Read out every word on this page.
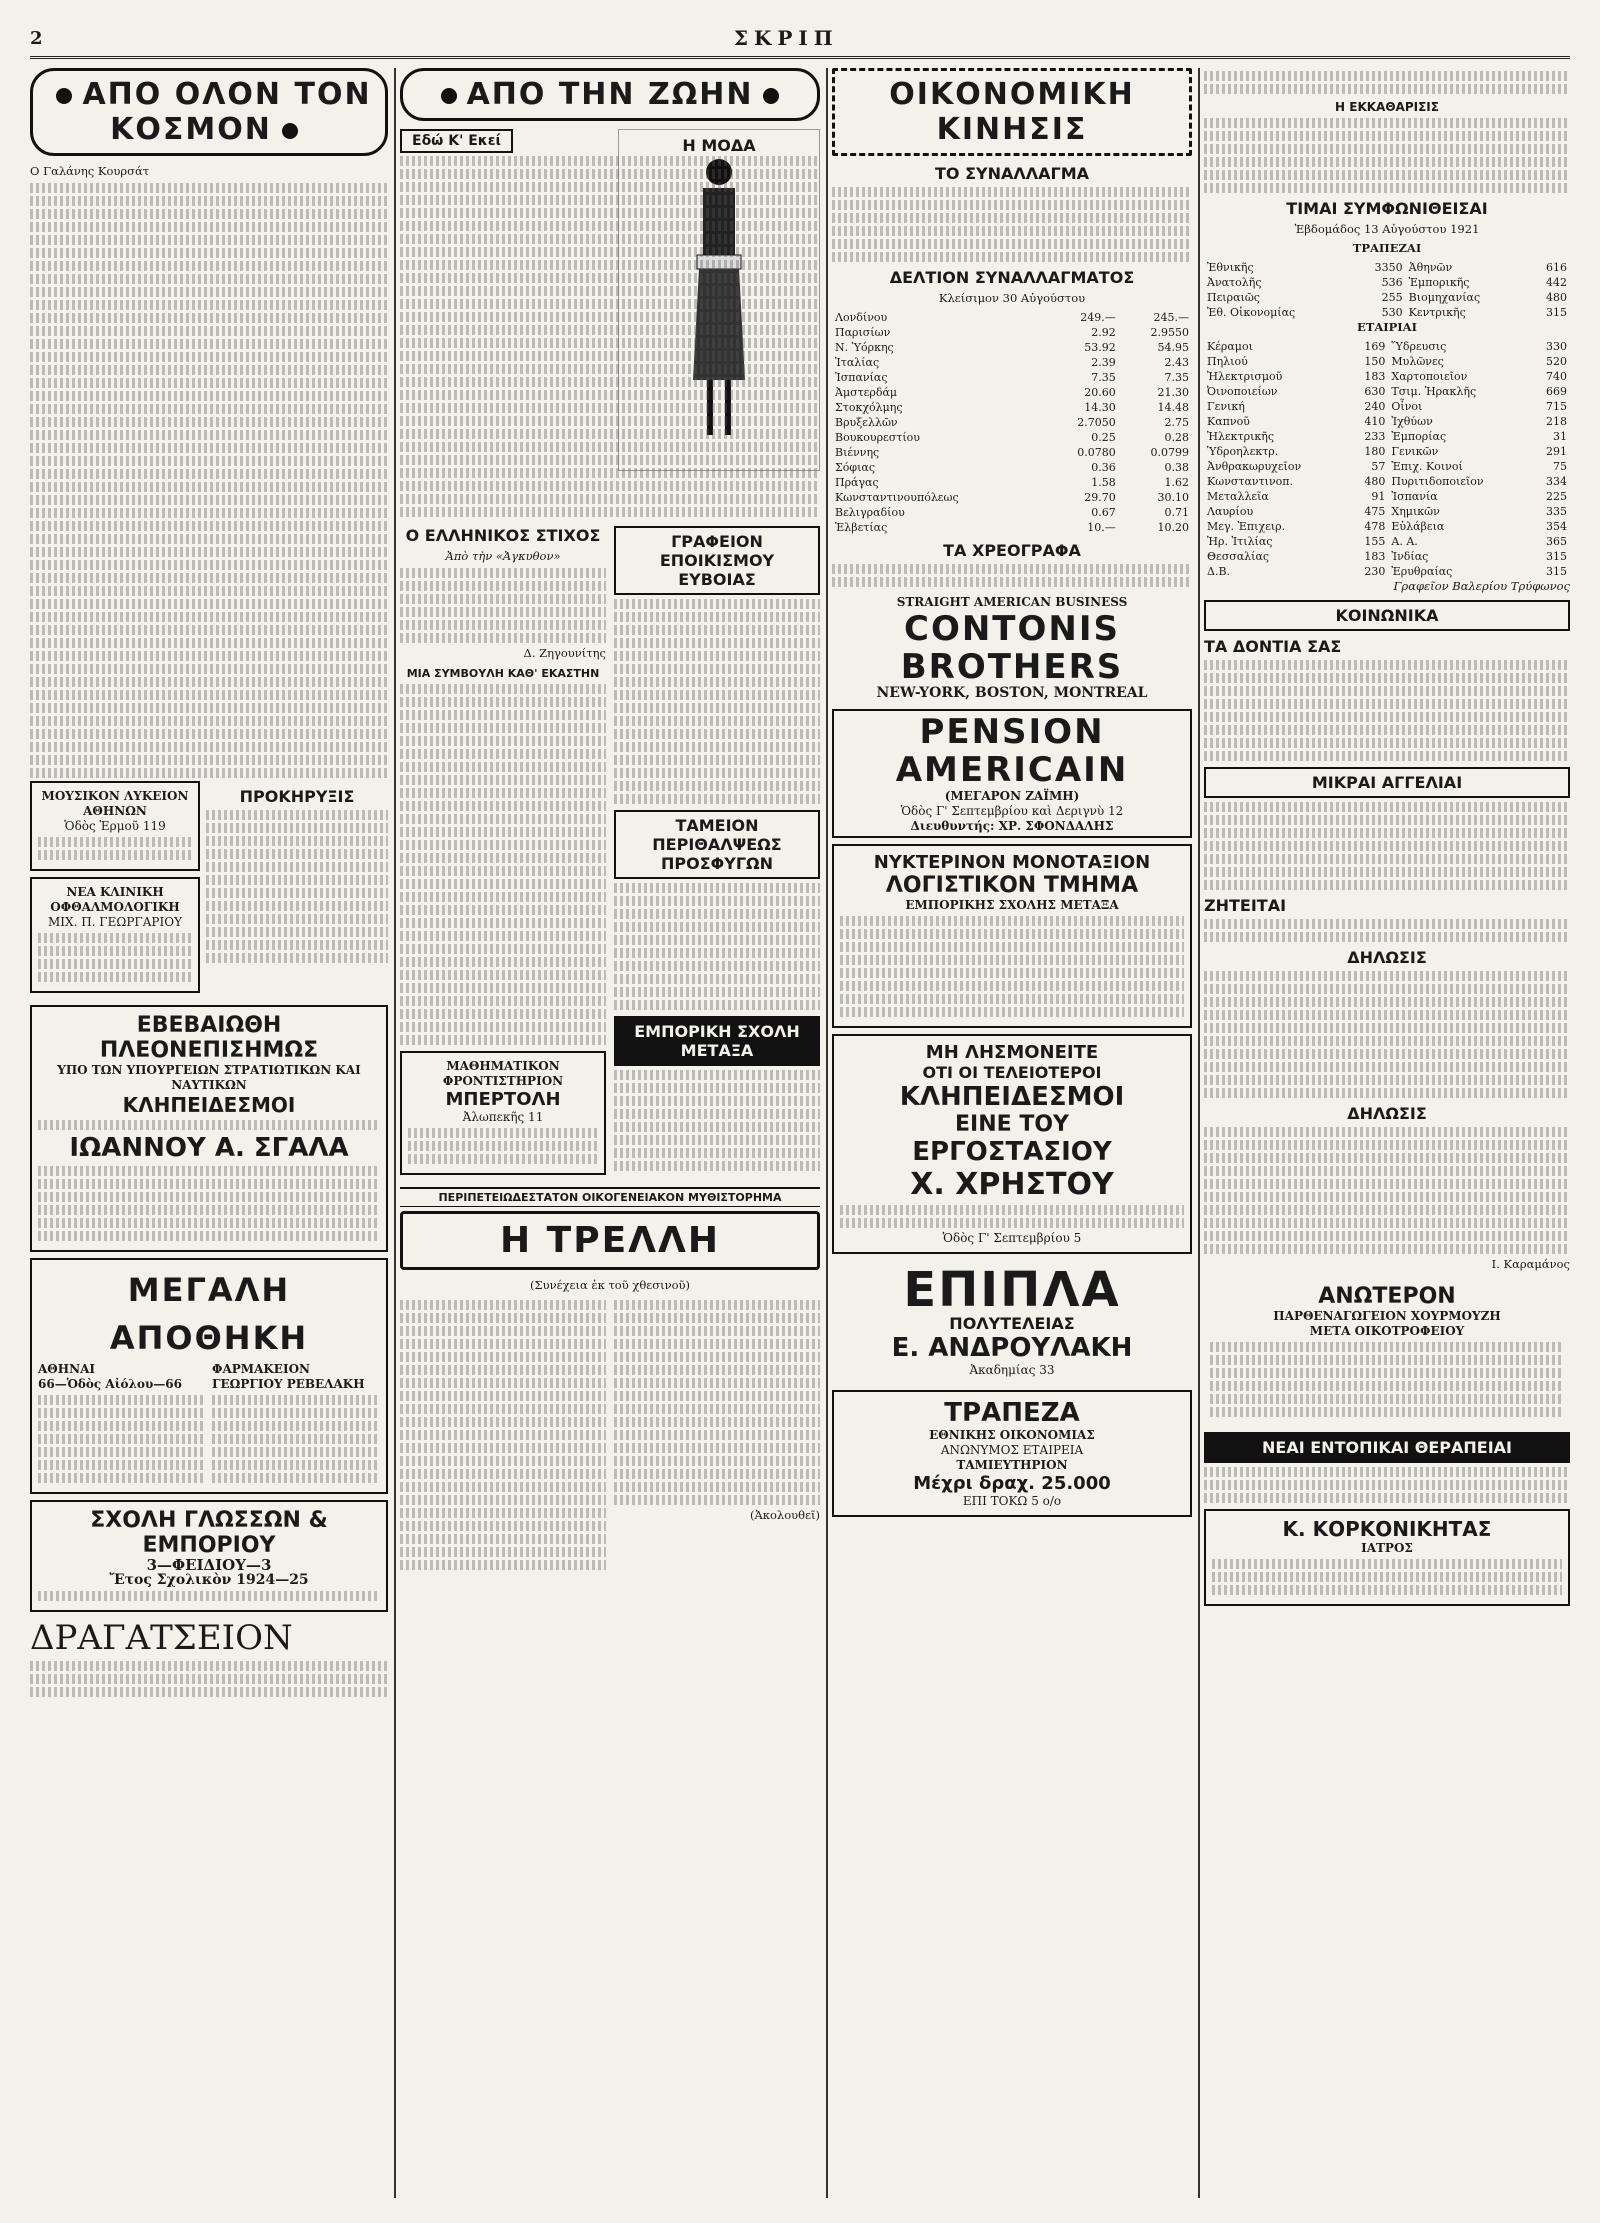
2	ΣΚΡΙΠ
ΑΠΟ ΟΛΟΝ ΤΟΝ ΚΟΣΜΟΝ
Ο Γαλάνης Κουρσάτ
ΜΟΥΣΙΚΟΝ ΛΥΚΕΙΟΝ ΑΘΗΝΩΝ
Ὁδὸς Ἑρμοῦ 119
ΝΕΑ ΚΛΙΝΙΚΗ ΟΦΘΑΛΜΟΛΟΓΙΚΗ
ΜΙΧ. Π. ΓΕΩΡΓΑΡΙΟΥ
ΠΡΟΚΗΡΥΞΙΣ
ΕΒΕΒΑΙΩΘΗ ΠΛΕΟΝΕΠΙΣΗΜΩΣ
ΥΠΟ ΤΩΝ ΥΠΟΥΡΓΕΙΩΝ ΣΤΡΑΤΙΩΤΙΚΩΝ ΚΑΙ ΝΑΥΤΙΚΩΝ
ΚΛΗΠΕΙΔΕΣΜΟΙ
ΙΩΑΝΝΟΥ Α. ΣΓΑΛΑ
ΜΕΓΑΛΗ ΑΠΟΘΗΚΗ
ΑΘΗΝΑΙ
66—Ὁδὸς Αἰόλου—66
ΦΑΡΜΑΚΕΙΟΝ
ΓΕΩΡΓΙΟΥ ΡΕΒΕΛΑΚΗ
ΣΧΟΛΗ ΓΛΩΣΣΩΝ & ΕΜΠΟΡΙΟΥ
3—ΦΕΙΔΙΟΥ—3
Ἔτος Σχολικὸν 1924—25
ΔΡΑΓΑΤΣΕΙΟΝ
ΑΠΟ ΤΗΝ ΖΩΗΝ
Η ΜΟΔΑ
Εδώ Κ' Εκεί
Ο ΕΛΛΗΝΙΚΟΣ ΣΤΙΧΟΣ
Ἀπὸ τὴν «Ἀγκυθον»
Δ. Ζηγουνίτης
ΜΙΑ ΣΥΜΒΟΥΛΗ ΚΑΘ' ΕΚΑΣΤΗΝ
ΜΑΘΗΜΑΤΙΚΟΝ ΦΡΟΝΤΙΣΤΗΡΙΟΝ
ΜΠΕΡΤΟΛΗ
Ἀλωπεκῆς 11
ΓΡΑΦΕΙΟΝ ΕΠΟΙΚΙΣΜΟΥ ΕΥΒΟΙΑΣ
ΤΑΜΕΙΟΝ ΠΕΡΙΘΑΛΨΕΩΣ ΠΡΟΣΦΥΓΩΝ
ΕΜΠΟΡΙΚΗ ΣΧΟΛΗ ΜΕΤΑΞΑ
ΠΕΡΙΠΕΤΕΙΩΔΕΣΤΑΤΟΝ ΟΙΚΟΓΕΝΕΙΑΚΟΝ ΜΥΘΙΣΤΟΡΗΜΑ
Η ΤΡΕΛΛΗ
(Συνέχεια ἐκ τοῦ χθεσινοῦ)
(Ἀκολουθεῖ)
ΟΙΚΟΝΟΜΙΚΗ ΚΙΝΗΣΙΣ
ΤΟ ΣΥΝΑΛΛΑΓΜΑ
ΔΕΛΤΙΟΝ ΣΥΝΑΛΛΑΓΜΑΤΟΣ
Κλείσιμον 30 Αὐγούστου
Λονδίνου	249.—	245.—
Παρισίων	2.92	2.9550
Ν. Ὑόρκης	53.92	54.95
Ἰταλίας	2.39	2.43
Ἰσπανίας	7.35	7.35
Ἀμστερδάμ	20.60	21.30
Στοκχόλμης	14.30	14.48
Βρυξελλῶν	2.7050	2.75
Βουκουρεστίου	0.25	0.28
Βιέννης	0.0780	0.0799
Σόφιας	0.36	0.38
Πράγας	1.58	1.62
Κωνσταντινουπόλεως	29.70	30.10
Βελιγραδίου	0.67	0.71
Ἑλβετίας	10.—	10.20
ΤΑ ΧΡΕΟΓΡΑΦΑ
STRAIGHT AMERICAN BUSINESS
CONTONIS BROTHERS
NEW-YORK, BOSTON, MONTREAL
PENSION AMERICAIN
(ΜΕΓΑΡΟΝ ΖΑΪΜΗ)
Ὁδὸς Γ' Σεπτεμβρίου καὶ Δεριγνὺ 12
Διευθυντής: ΧΡ. ΣΦΟΝΔΑΛΗΣ
ΝΥΚΤΕΡΙΝΟΝ ΜΟΝΟΤΑΞΙΟΝ
ΛΟΓΙΣΤΙΚΟΝ ΤΜΗΜΑ
ΕΜΠΟΡΙΚΗΣ ΣΧΟΛΗΣ ΜΕΤΑΞΑ
ΜΗ ΛΗΣΜΟΝΕΙΤΕ
ΟΤΙ ΟΙ ΤΕΛΕΙΟΤΕΡΟΙ
ΚΛΗΠΕΙΔΕΣΜΟΙ
ΕΙΝΕ ΤΟΥ
ΕΡΓΟΣΤΑΣΙΟΥ
Χ. ΧΡΗΣΤΟΥ
Ὁδὸς Γ' Σεπτεμβρίου 5
ΕΠΙΠΛΑ
ΠΟΛΥΤΕΛΕΙΑΣ
Ε. ΑΝΔΡΟΥΛΑΚΗ
Ἀκαδημίας 33
ΤΡΑΠΕΖΑ
ΕΘΝΙΚΗΣ ΟΙΚΟΝΟΜΙΑΣ
ΑΝΩΝΥΜΟΣ ΕΤΑΙΡΕΙΑ
ΤΑΜΙΕΥΤΗΡΙΟΝ
Μέχρι δραχ. 25.000
ΕΠΙ ΤΟΚΩ 5 ο/ο
Η ΕΚΚΑΘΑΡΙΣΙΣ
ΤΙΜΑΙ ΣΥΜΦΩΝΙΘΕΙΣΑΙ
Ἑβδομάδος 13 Αὐγούστου 1921
ΤΡΑΠΕΖΑΙ
Ἐθνικῆς	3350	Ἀθηνῶν	616
Ἀνατολῆς	536	Ἐμπορικῆς	442
Πειραιῶς	255	Βιομηχανίας	480
Ἐθ. Οἰκονομίας	530	Κεντρικῆς	315
ΕΤΑΙΡΙΑΙ
Κέραμοι	169	Ὕδρευσις	330
Πηλιού	150	Μυλῶνες	520
Ἠλεκτρισμοῦ	183	Χαρτοποιεῖον	740
Ὀινοποιείων	630	Τσιμ. Ἡρακλῆς	669
Γενική	240	Οἶνοι	715
Καπνοῦ	410	Ἰχθύων	218
Ἠλεκτρικῆς	233	Ἐμπορίας	31
Ὑδροηλεκτρ.	180	Γενικῶν	291
Ἀνθρακωρυχεῖον	57	Ἐπιχ. Κοινοί	75
Κωνσταντινοπ.	480	Πυριτιδοποιεῖον	334
Μεταλλεῖα	91	Ἰσπανία	225
Λαυρίου	475	Χημικῶν	335
Μεγ. Ἐπιχειρ.	478	Εὐλάβεια	354
Ἠρ. Ἰτιλίας	155	Α. Α.	365
Θεσσαλίας	183	Ἰνδίας	315
Δ.Β.	230	Ἐρυθραίας	315
Γραφεῖον Βαλερίου Τρύφωνος
ΚΟΙΝΩΝΙΚΑ
ΤΑ ΔΟΝΤΙΑ ΣΑΣ
ΜΙΚΡΑΙ ΑΓΓΕΛΙΑΙ
ΖΗΤΕΙΤΑΙ
ΔΗΛΩΣΙΣ
ΔΗΛΩΣΙΣ
Ι. Καραμάνος
ΑΝΩΤΕΡΟΝ
ΠΑΡΘΕΝΑΓΩΓΕΙΟΝ ΧΟΥΡΜΟΥΖΗ
ΜΕΤΑ ΟΙΚΟΤΡΟΦΕΙΟΥ
ΝΕΑΙ ΕΝΤΟΠΙΚΑΙ ΘΕΡΑΠΕΙΑΙ
Κ. ΚΟΡΚΟΝΙΚΗΤΑΣ
ΙΑΤΡΟΣ
